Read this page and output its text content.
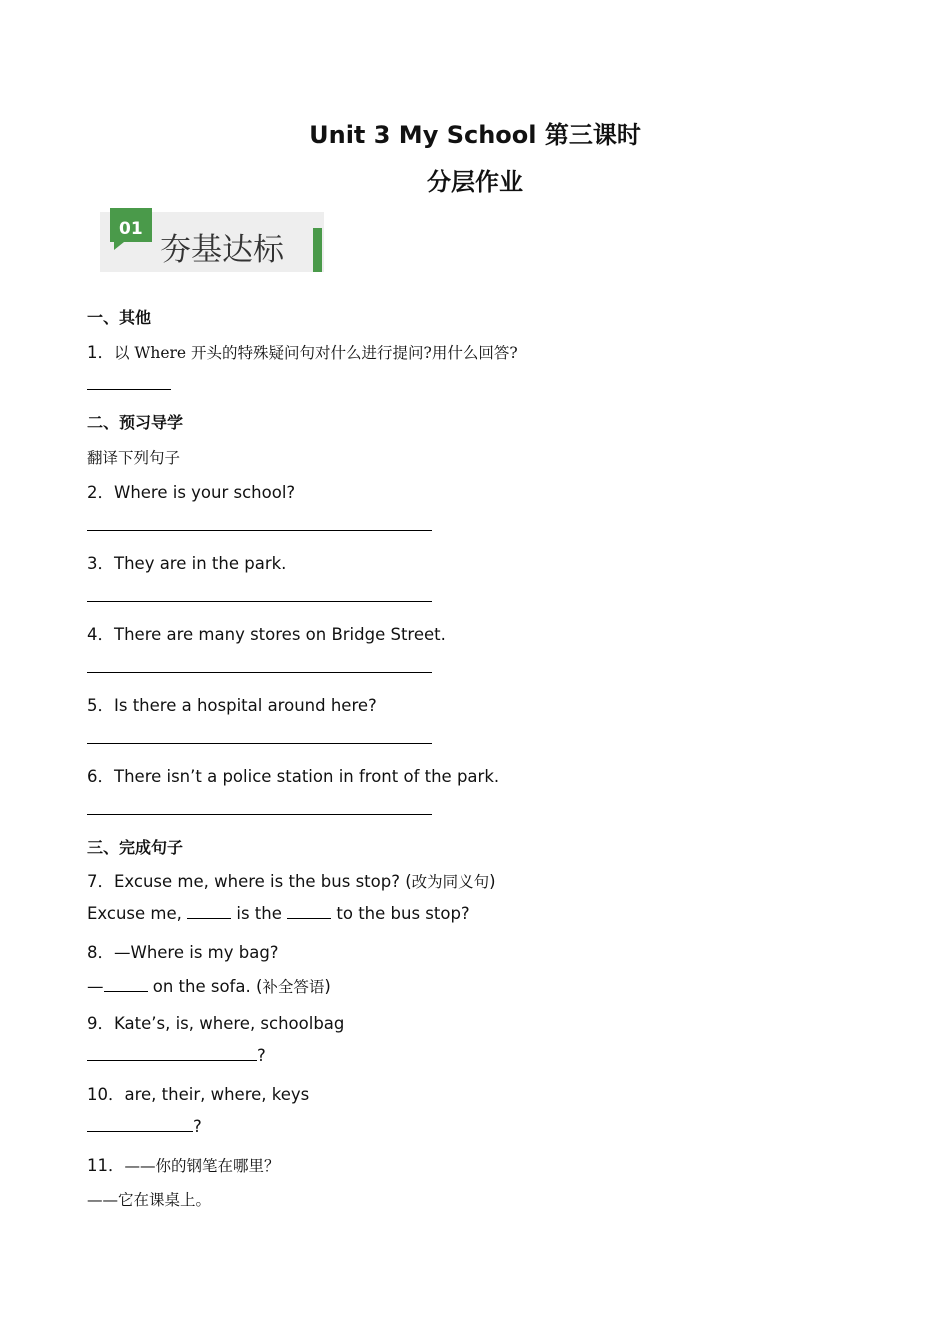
Unit 3 My School 第三课时
分层作业
01
夯基达标
一、其他
1．以 Where 开头的特殊疑问句对什么进行提问?用什么回答?
二、预习导学
翻译下列句子
2．Where is your school?
3．They are in the park.
4．There are many stores on Bridge Street.
5．Is there a hospital around here?
6．There isn’t a police station in front of the park.
三、完成句子
7．Excuse me, where is the bus stop? (改为同义句)
Excuse me,	is the	to the bus stop?
8．—Where is my bag?
—	on the sofa. (补全答语)
9．Kate’s, is, where, schoolbag
?
10．are, their, where, keys
?
11．——你的钢笔在哪里？
——它在课桌上。
